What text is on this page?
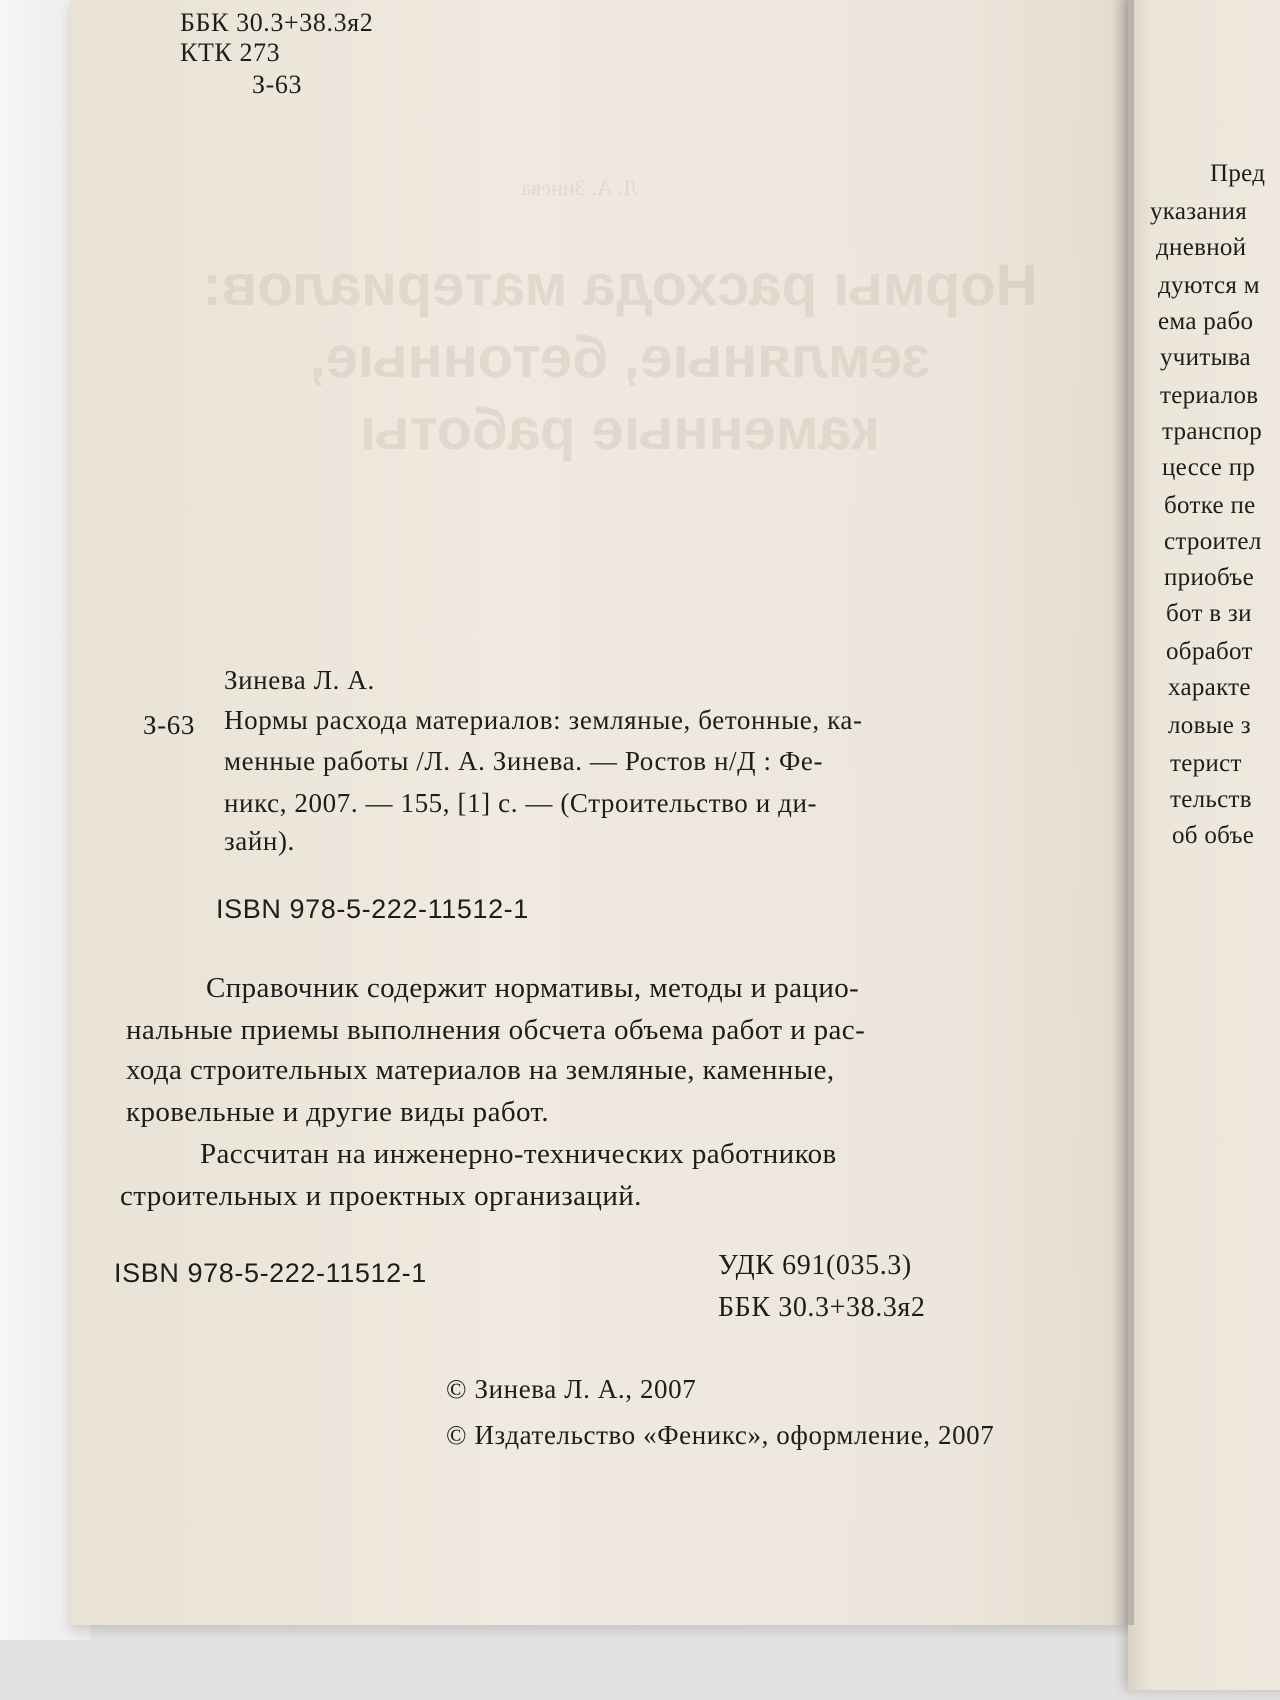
Л. А. Зинева
ББК 30.3+38.3я2
КТК 273
З-63
Зинева Л. А.
З-63 Нормы расхода материалов: земляные, бетонные, ка-
менные работы /Л. А. Зинева. — Ростов н/Д : Фе-
никс, 2007. — 155, [1] с. — (Строительство и ди-
зайн).
ISBN 978-5-222-11512-1
Справочник содержит нормативы, методы и рацио-
нальные приемы выполнения обсчета объема работ и рас-
хода строительных материалов на земляные, каменные,
кровельные и другие виды работ.
Рассчитан на инженерно-технических работников
строительных и проектных организаций.
ISBN 978-5-222-11512-1	УДК 691(035.3)
ББК 30.3+38.3я2
© Зинева Л. А., 2007
© Издательство «Феникс», оформление, 2007
Пред
указания
дневной
дуются м
ема рабо
учитыва
териалов
транспор
цессе пр
ботке пе
строител
приобъе
бот в зи
обработ
характе
ловые з
терист
тельств
об объе
